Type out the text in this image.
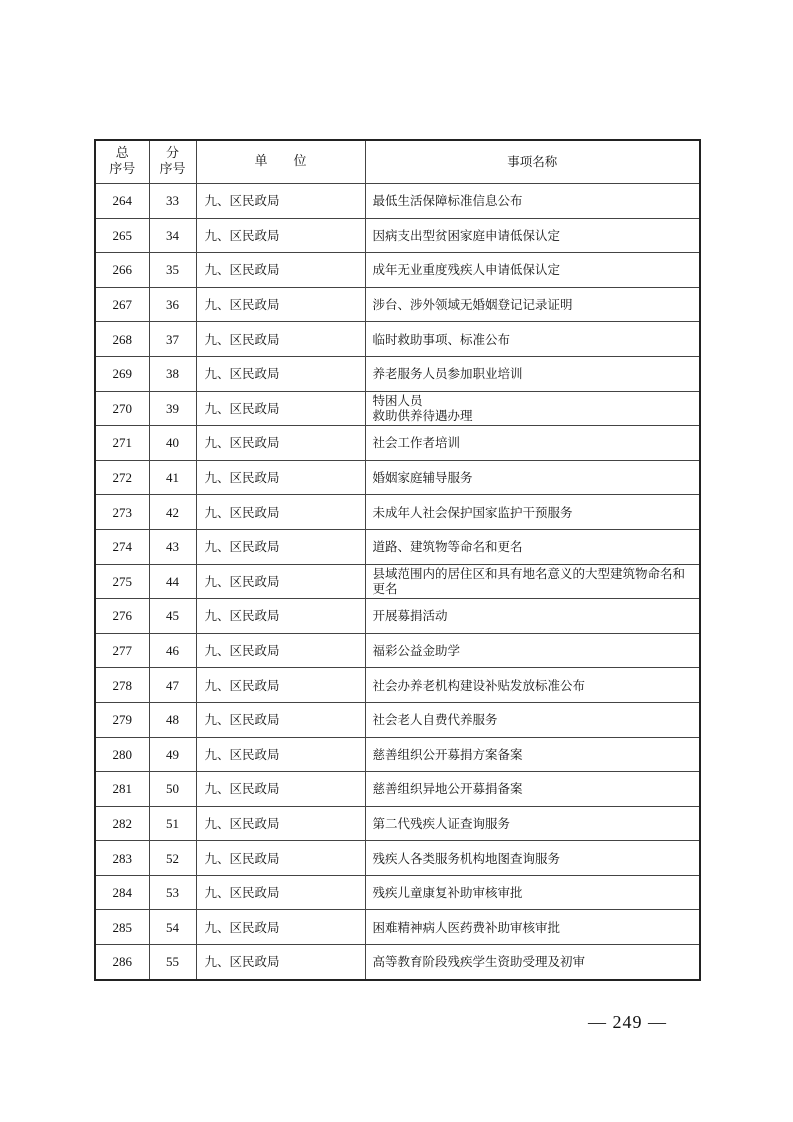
总
序号	分
序号	单　　位	事项名称
264	33	九、区民政局	最低生活保障标准信息公布
265	34	九、区民政局	因病支出型贫困家庭申请低保认定
266	35	九、区民政局	成年无业重度残疾人申请低保认定
267	36	九、区民政局	涉台、涉外领域无婚姻登记记录证明
268	37	九、区民政局	临时救助事项、标准公布
269	38	九、区民政局	养老服务人员参加职业培训
270	39	九、区民政局	特困人员
救助供养待遇办理
271	40	九、区民政局	社会工作者培训
272	41	九、区民政局	婚姻家庭辅导服务
273	42	九、区民政局	未成年人社会保护国家监护干预服务
274	43	九、区民政局	道路、建筑物等命名和更名
275	44	九、区民政局	县域范围内的居住区和具有地名意义的大型建筑物命名和更名
276	45	九、区民政局	开展募捐活动
277	46	九、区民政局	福彩公益金助学
278	47	九、区民政局	社会办养老机构建设补贴发放标准公布
279	48	九、区民政局	社会老人自费代养服务
280	49	九、区民政局	慈善组织公开募捐方案备案
281	50	九、区民政局	慈善组织异地公开募捐备案
282	51	九、区民政局	第二代残疾人证查询服务
283	52	九、区民政局	残疾人各类服务机构地图查询服务
284	53	九、区民政局	残疾儿童康复补助审核审批
285	54	九、区民政局	困难精神病人医药费补助审核审批
286	55	九、区民政局	高等教育阶段残疾学生资助受理及初审
— 249 —
